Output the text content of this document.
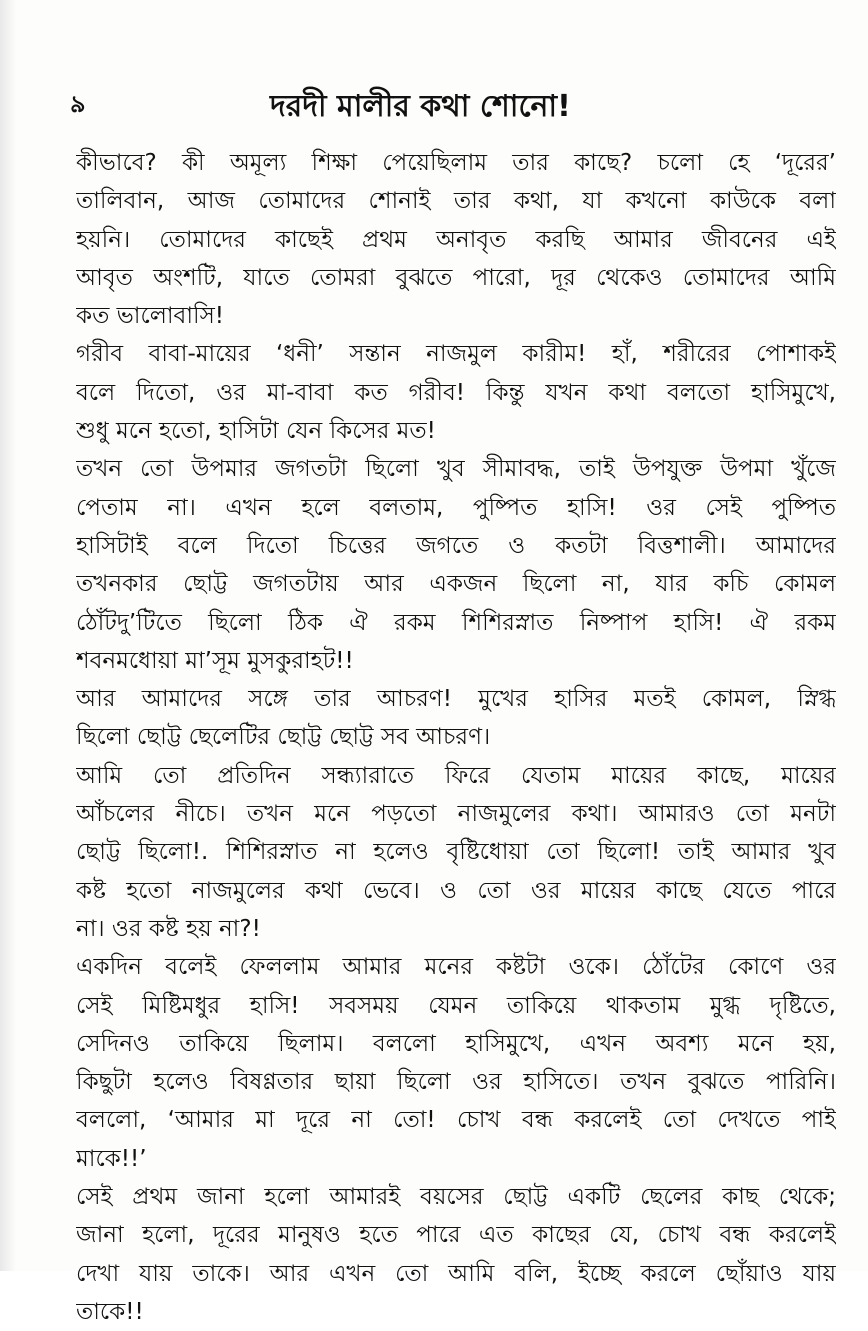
৯	দরদী মালীর কথা শোনো!
কীভাবে? কী অমূল্য শিক্ষা পেয়েছিলাম তার কাছে? চলো হে ‘দূরের’
তালিবান, আজ তোমাদের শোনাই তার কথা, যা কখনো কাউকে বলা
হয়নি। তোমাদের কাছেই প্রথম অনাবৃত করছি আমার জীবনের এই
আবৃত অংশটি, যাতে তোমরা বুঝতে পারো, দূর থেকেও তোমাদের আমি
কত ভালোবাসি!
গরীব বাবা-মায়ের ‘ধনী’ সন্তান নাজমুল কারীম! হাঁ, শরীরের পোশাকই
বলে দিতো, ওর মা-বাবা কত গরীব! কিন্তু যখন কথা বলতো হাসিমুখে,
শুধু মনে হতো, হাসিটা যেন কিসের মত!
তখন তো উপমার জগতটা ছিলো খুব সীমাবদ্ধ, তাই উপযুক্ত উপমা খুঁজে
পেতাম না। এখন হলে বলতাম, পুষ্পিত হাসি! ওর সেই পুষ্পিত
হাসিটাই বলে দিতো চিত্তের জগতে ও কতটা বিত্তশালী। আমাদের
তখনকার ছোট্ট জগতটায় আর একজন ছিলো না, যার কচি কোমল
ঠোঁটদু’টিতে ছিলো ঠিক ঐ রকম শিশিরস্নাত নিষ্পাপ হাসি! ঐ রকম
শবনমধোয়া মা’সূম মুসকুরাহট!!
আর আমাদের সঙ্গে তার আচরণ! মুখের হাসির মতই কোমল, স্নিগ্ধ
ছিলো ছোট্ট ছেলেটির ছোট্ট ছোট্ট সব আচরণ।
আমি তো প্রতিদিন সন্ধ্যারাতে ফিরে যেতাম মায়ের কাছে, মায়ের
আঁচলের নীচে। তখন মনে পড়তো নাজমুলের কথা। আমারও তো মনটা
ছোট্ট ছিলো!. শিশিরস্নাত না হলেও বৃষ্টিধোয়া তো ছিলো! তাই আমার খুব
কষ্ট হতো নাজমুলের কথা ভেবে। ও তো ওর মায়ের কাছে যেতে পারে
না। ওর কষ্ট হয় না?!
একদিন বলেই ফেললাম আমার মনের কষ্টটা ওকে। ঠোঁটের কোণে ওর
সেই মিষ্টিমধুর হাসি! সবসময় যেমন তাকিয়ে থাকতাম মুগ্ধ দৃষ্টিতে,
সেদিনও তাকিয়ে ছিলাম। বললো হাসিমুখে, এখন অবশ্য মনে হয়,
কিছুটা হলেও বিষণ্ণতার ছায়া ছিলো ওর হাসিতে। তখন বুঝতে পারিনি।
বললো, ‘আমার মা দূরে না তো! চোখ বন্ধ করলেই তো দেখতে পাই
মাকে!!’
সেই প্রথম জানা হলো আমারই বয়সের ছোট্ট একটি ছেলের কাছ থেকে;
জানা হলো, দূরের মানুষও হতে পারে এত কাছের যে, চোখ বন্ধ করলেই
দেখা যায় তাকে। আর এখন তো আমি বলি, ইচ্ছে করলে ছোঁয়াও যায়
তাকে!!
